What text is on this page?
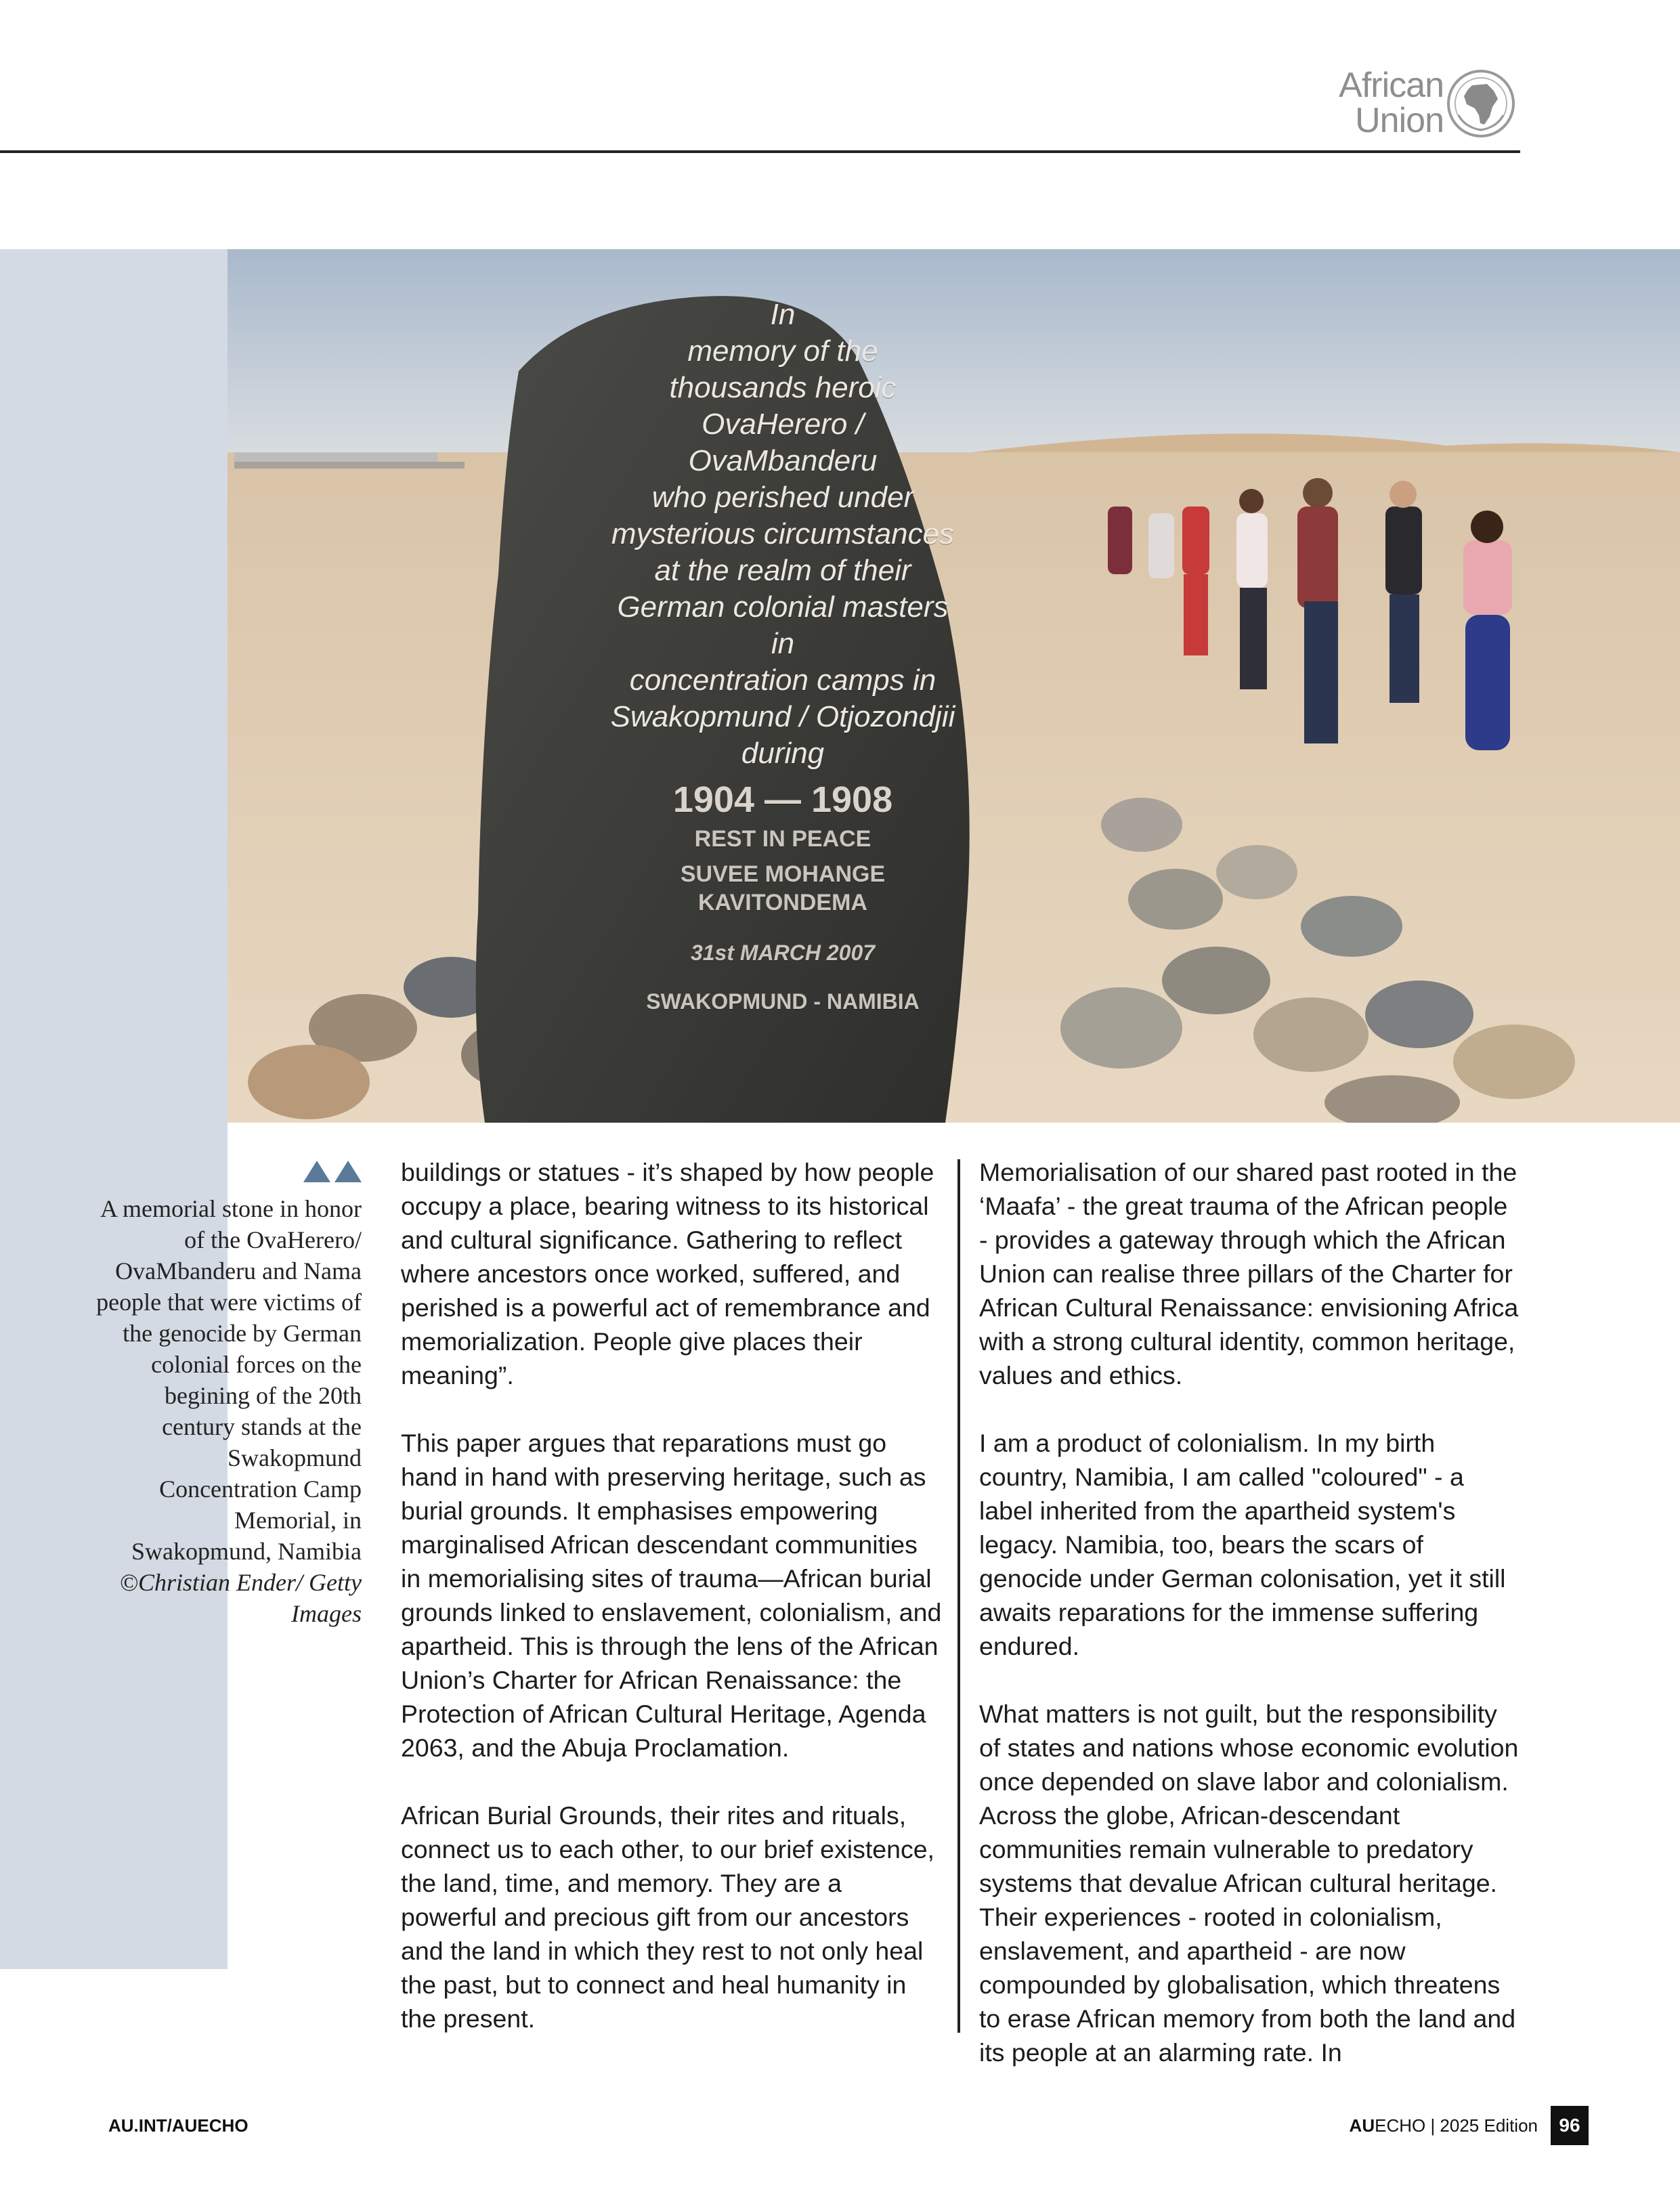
African
Union
In
memory of the
thousands heroic
OvaHerero /
OvaMbanderu
who perished under
mysterious circumstances
at the realm of their
German colonial masters
in
concentration camps in
Swakopmund / Otjozondjii
during
1904 — 1908
REST IN PEACE
SUVEE MOHANGE
KAVITONDEMA
31st MARCH 2007
SWAKOPMUND - NAMIBIA
A memorial stone in honor of the OvaHerero/ OvaMbanderu and Nama people that were victims of the genocide by German colonial forces on the begining of the 20th century stands at the Swakopmund Concentration Camp Memorial, in Swakopmund, Namibia ©Christian Ender/ Getty Images

buildings or statues - it’s shaped by how people occupy a place, bearing witness to its historical and cultural significance. Gathering to reflect where ancestors once worked, suffered, and perished is a powerful act of remembrance and memorialization. People give places their meaning”.

This paper argues that reparations must go hand in hand with preserving heritage, such as burial grounds. It emphasises empowering marginalised African descendant communities in memorialising sites of trauma—African burial grounds linked to enslavement, colonialism, and apartheid. This is through the lens of the African Union’s Charter for African Renaissance: the Protection of African Cultural Heritage, Agenda 2063, and the Abuja Proclamation.

African Burial Grounds, their rites and rituals, connect us to each other, to our brief existence, the land, time, and memory. They are a powerful and precious gift from our ancestors and the land in which they rest to not only heal the past, but to connect and heal humanity in the present.

Memorialisation of our shared past rooted in the ‘Maafa’ - the great trauma of the African people - provides a gateway through which the African Union can realise three pillars of the Charter for African Cultural Renaissance: envisioning Africa with a strong cultural identity, common heritage, values and ethics.

I am a product of colonialism. In my birth country, Namibia, I am called "coloured" - a label inherited from the apartheid system's legacy. Namibia, too, bears the scars of genocide under German colonisation, yet it still awaits reparations for the immense suffering endured.

What matters is not guilt, but the responsibility of states and nations whose economic evolution once depended on slave labor and colonialism. Across the globe, African-descendant communities remain vulnerable to predatory systems that devalue African cultural heritage. Their experiences - rooted in colonialism, enslavement, and apartheid - are now compounded by globalisation, which threatens to erase African memory from both the land and its people at an alarming rate. In

AU.INT/AUECHO	AUECHO | 2025 Edition	96
